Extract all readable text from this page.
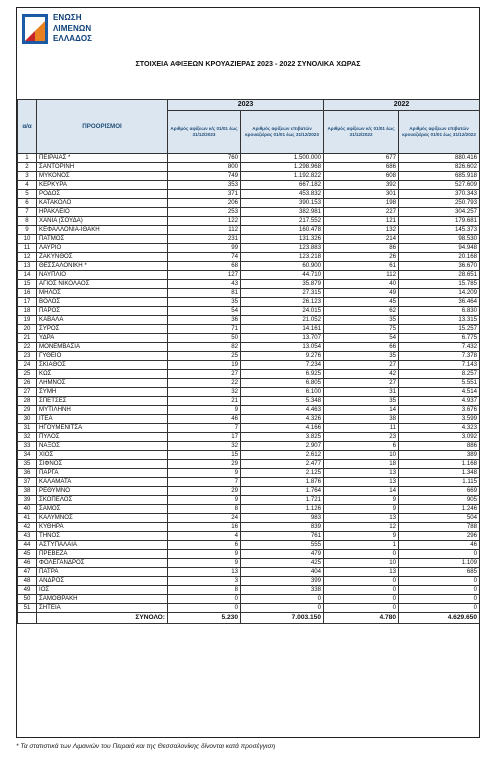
ΕΝΩΣΗ
ΛΙΜΕΝΩΝ
ΕΛΛΑΔΟΣ
ΣΤΟΙΧΕΙΑ ΑΦΙΞΕΩΝ ΚΡΟΥΑΖΙΕΡΑΣ 2023 - 2022 ΣΥΝΟΛΙΚΑ ΧΩΡΑΣ
α/α	ΠΡΟΟΡΙΣΜΟΙ	2023		2022	
		Αριθμός αφίξεων κ/ς 01/01 έως 31/12/2023	Αριθμός αφίξεων επιβατών κρουαζιέρας 01/01 έως 31/12/2023	Αριθμός αφίξεων κ/ς 01/01 έως 31/12/2022	Αριθμός αφίξεων επιβατών κρουαζιέρας 01/01 έως 31/12/2022
1	ΠΕΙΡΑΙΑΣ *	760	1.500.000	677	880.416
2	ΣΑΝΤΟΡΙΝΗ	800	1.298.968	686	826.602
3	ΜΥΚΟΝΟΣ	749	1.192.822	608	685.918
4	ΚΕΡΚΥΡΑ	353	667.182	392	527.609
5	ΡΟΔΟΣ	371	453.832	301	370.343
6	ΚΑΤΑΚΟΛΟ	206	390.153	198	250.793
7	ΗΡΑΚΛΕΙΟ	253	382.981	227	304.257
8	ΧΑΝΙΑ (ΣΟΥΔΑ)	122	217.552	121	179.681
9	ΚΕΦΑΛΛΟΝΙΑ-ΙΘΑΚΗ	112	160.478	132	145.373
10	ΠΑΤΜΟΣ	231	131.326	214	98.530
11	ΛΑΥΡΙΟ	99	123.883	86	94.948
12	ΖΑΚΥΝΘΟΣ	74	123.218	26	20.168
13	ΘΕΣΣΑΛΟΝΙΚΗ *	68	60.900	61	36.670
14	ΝΑΥΠΛΙΟ	127	44.710	112	28.651
15	ΑΓΙΟΣ ΝΙΚΟΛΑΟΣ	43	35.879	40	15.785
16	ΜΗΛΟΣ	81	27.315	49	14.209
17	ΒΟΛΟΣ	35	26.123	45	36.464
18	ΠΑΡΟΣ	54	24.015	62	6.830
19	ΚΑΒΑΛΑ	36	21.052	35	13.315
20	ΣΥΡΟΣ	71	14.161	75	15.257
21	ΥΔΡΑ	50	13.707	54	6.775
22	ΜΟΝΕΜΒΑΣΙΑ	82	13.054	66	7.432
23	ΓΥΘΕΙΟ	25	9.276	35	7.378
24	ΣΚΙΑΘΟΣ	19	7.234	27	7.143
25	ΚΩΣ	27	6.925	42	8.257
26	ΛΗΜΝΟΣ	22	6.805	27	5.551
27	ΣΥΜΗ	32	6.100	31	4.514
28	ΣΠΕΤΣΕΣ	21	5.348	35	4.937
29	ΜΥΤΙΛΗΝΗ	9	4.463	14	3.676
30	ΙΤΕΑ	46	4.326	38	3.599
31	ΗΓΟΥΜΕΝΙΤΣΑ	7	4.166	11	4.323
32	ΠΥΛΟΣ	17	3.825	23	3.092
33	ΝΑΞΟΣ	32	2.907	6	886
34	ΧΙΟΣ	15	2.612	10	389
35	ΣΙΦΝΟΣ	29	2.477	18	1.168
36	ΠΑΡΓΑ	9	2.125	13	1.348
37	ΚΑΛΑΜΑΤΑ	7	1.876	13	1.115
38	ΡΕΘΥΜΝΟ	29	1.764	14	669
39	ΣΚΟΠΕΛΟΣ	9	1.721	9	905
40	ΣΑΜΟΣ	8	1.126	9	1.246
41	ΚΑΛΥΜΝΟΣ	24	983	13	504
42	ΚΥΘΗΡΑ	16	839	12	788
43	ΤΗΝΟΣ	4	761	9	296
44	ΑΣΤΥΠΑΛΑΙΑ	6	555	1	46
45	ΠΡΕΒΕΖΑ	9	479	0	0
46	ΦΟΛΕΓΑΝΔΡΟΣ	9	425	10	1.109
47	ΠΑΤΡΑ	13	404	13	685
48	ΑΝΔΡΟΣ	3	399	0	0
49	ΙΟΣ	8	338	0	0
50	ΣΑΜΟΘΡΑΚΗ	0	0	0	0
51	ΣΗΤΕΙΑ	0	0	0	0
	ΣΥΝΟΛΟ:	5.230	7.003.150	4.780	4.629.650
* Τα στατιστικά των Λιμανιών του Πειραιά και της Θεσσαλονίκης δίνονται κατά προσέγγιση
